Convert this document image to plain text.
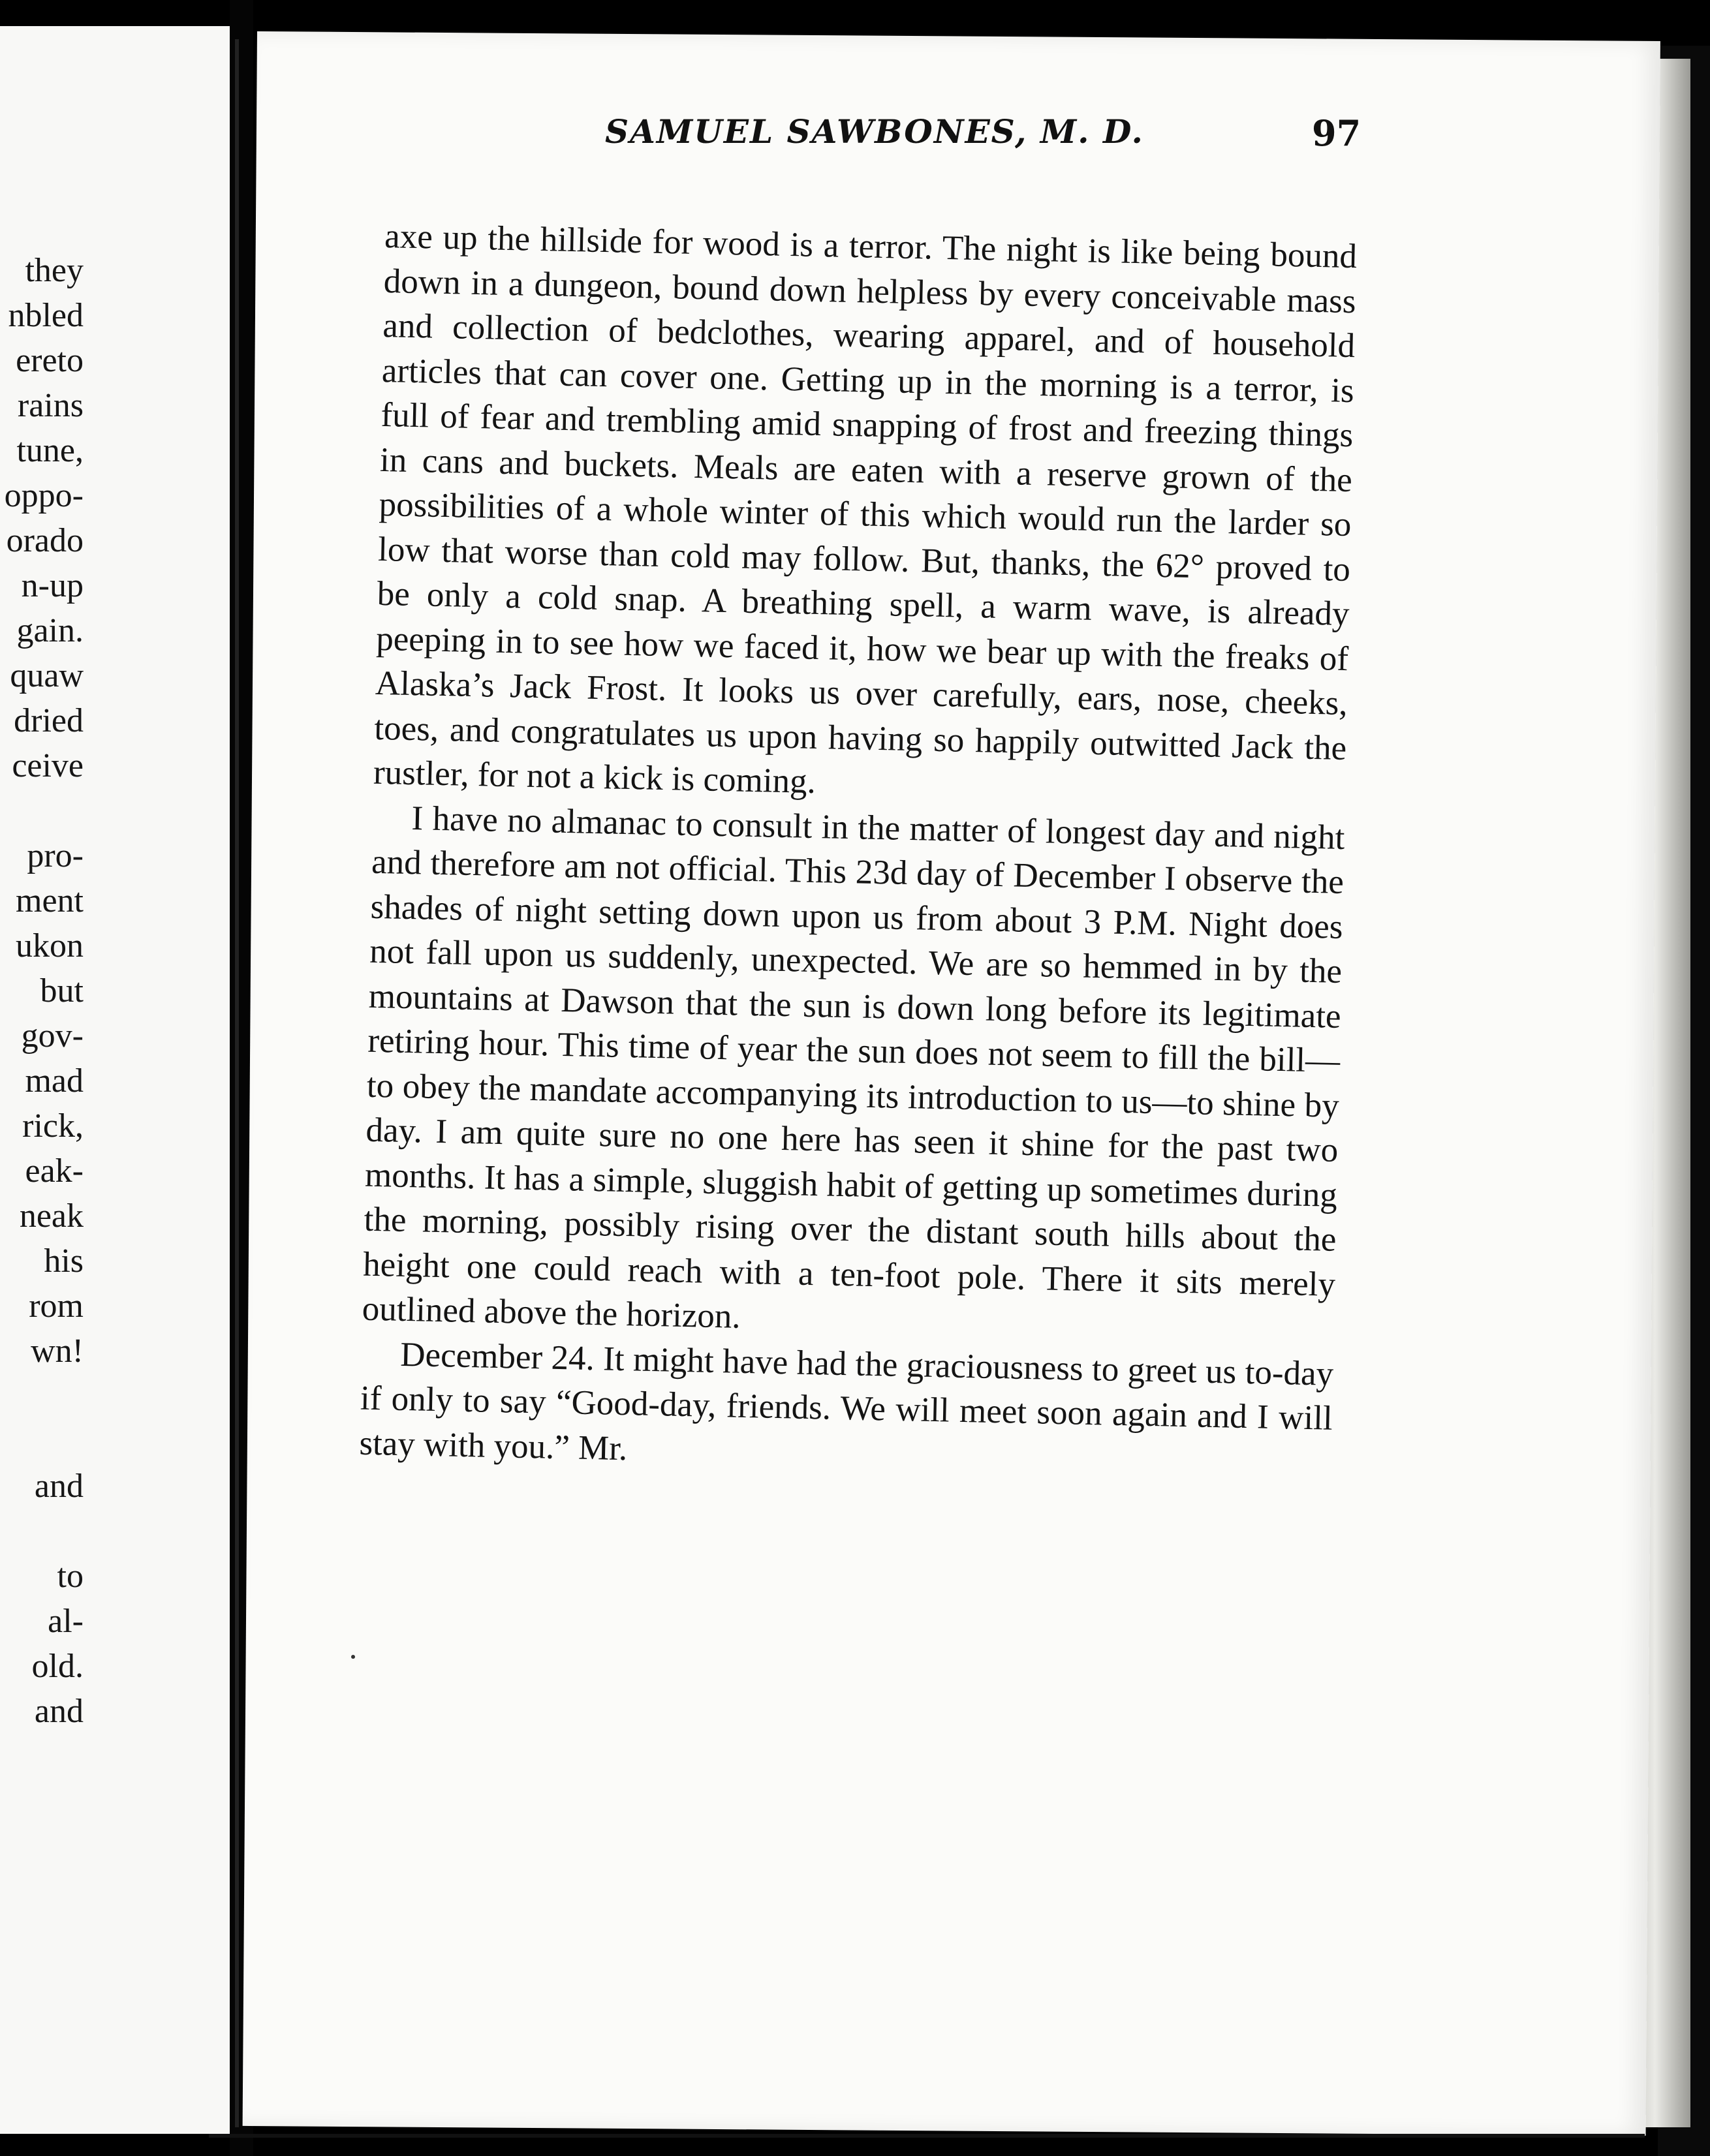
they
nbled
ereto
rains
tune,
oppo-
orado
n-up
gain.
quaw
dried
ceive
pro-
ment
ukon
but
gov-
mad
rick,
eak-
neak
his
rom
wn!
and
to
al-
old.
and
SAMUEL SAWBONES, M. D.	97

axe up the hillside for wood is a terror. The night is like being bound down in a dungeon, bound down helpless by every conceivable mass and collection of bedclothes, wearing apparel, and of household articles that can cover one. Getting up in the morning is a terror, is full of fear and trembling amid snapping of frost and freezing things in cans and buckets. Meals are eaten with a reserve grown of the possibilities of a whole winter of this which would run the larder so low that worse than cold may follow. But, thanks, the 62° proved to be only a cold snap. A breathing spell, a warm wave, is already peeping in to see how we faced it, how we bear up with the freaks of Alaska’s Jack Frost. It looks us over carefully, ears, nose, cheeks, toes, and congratulates us upon having so happily outwitted Jack the rustler, for not a kick is coming.

I have no almanac to consult in the matter of longest day and night and therefore am not official. This 23d day of December I observe the shades of night setting down upon us from about 3 P.M. Night does not fall upon us suddenly, unexpected. We are so hemmed in by the mountains at Dawson that the sun is down long before its legitimate retiring hour. This time of year the sun does not seem to fill the bill—to obey the mandate accompanying its introduction to us—to shine by day. I am quite sure no one here has seen it shine for the past two months. It has a simple, sluggish habit of getting up sometimes during the morning, possibly rising over the distant south hills about the height one could reach with a ten-foot pole. There it sits merely outlined above the horizon.

December 24. It might have had the graciousness to greet us to-day if only to say “Good-day, friends. We will meet soon again and I will stay with you.” Mr.
